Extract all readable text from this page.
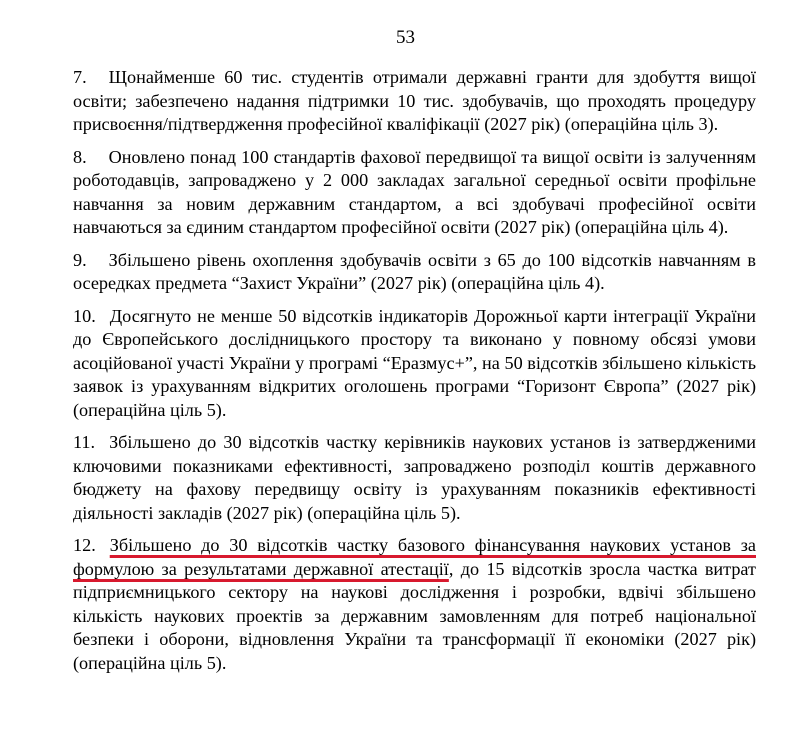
53

7. Щонайменше 60 тис. студентів отримали державні гранти для здобуття вищої освіти; забезпечено надання підтримки 10 тис. здобувачів, що проходять процедуру присвоєння/підтвердження професійної кваліфікації (2027 рік) (операційна ціль 3).

8. Оновлено понад 100 стандартів фахової передвищої та вищої освіти із залученням роботодавців, запроваджено у 2 000 закладах загальної середньої освіти профільне навчання за новим державним стандартом, а всі здобувачі професійної освіти навчаються за єдиним стандартом професійної освіти (2027 рік) (операційна ціль 4).

9. Збільшено рівень охоплення здобувачів освіти з 65 до 100 відсотків навчанням в осередках предмета “Захист України” (2027 рік) (операційна ціль 4).

10. Досягнуто не менше 50 відсотків індикаторів Дорожньої карти інтеграції України до Європейського дослідницького простору та виконано у повному обсязі умови асоційованої участі України у програмі “Еразмус+”, на 50 відсотків збільшено кількість заявок із урахуванням відкритих оголошень програми “Горизонт Європа” (2027 рік) (операційна ціль 5).

11. Збільшено до 30 відсотків частку керівників наукових установ із затвердженими ключовими показниками ефективності, запроваджено розподіл коштів державного бюджету на фахову передвищу освіту із урахуванням показників ефективності діяльності закладів (2027 рік) (операційна ціль 5).

12. Збільшено до 30 відсотків частку базового фінансування наукових установ за формулою за результатами державної атестації, до 15 відсотків зросла частка витрат підприємницького сектору на наукові дослідження і розробки, вдвічі збільшено кількість наукових проектів за державним замовленням для потреб національної безпеки і оборони, відновлення України та трансформації її економіки (2027 рік) (операційна ціль 5).
